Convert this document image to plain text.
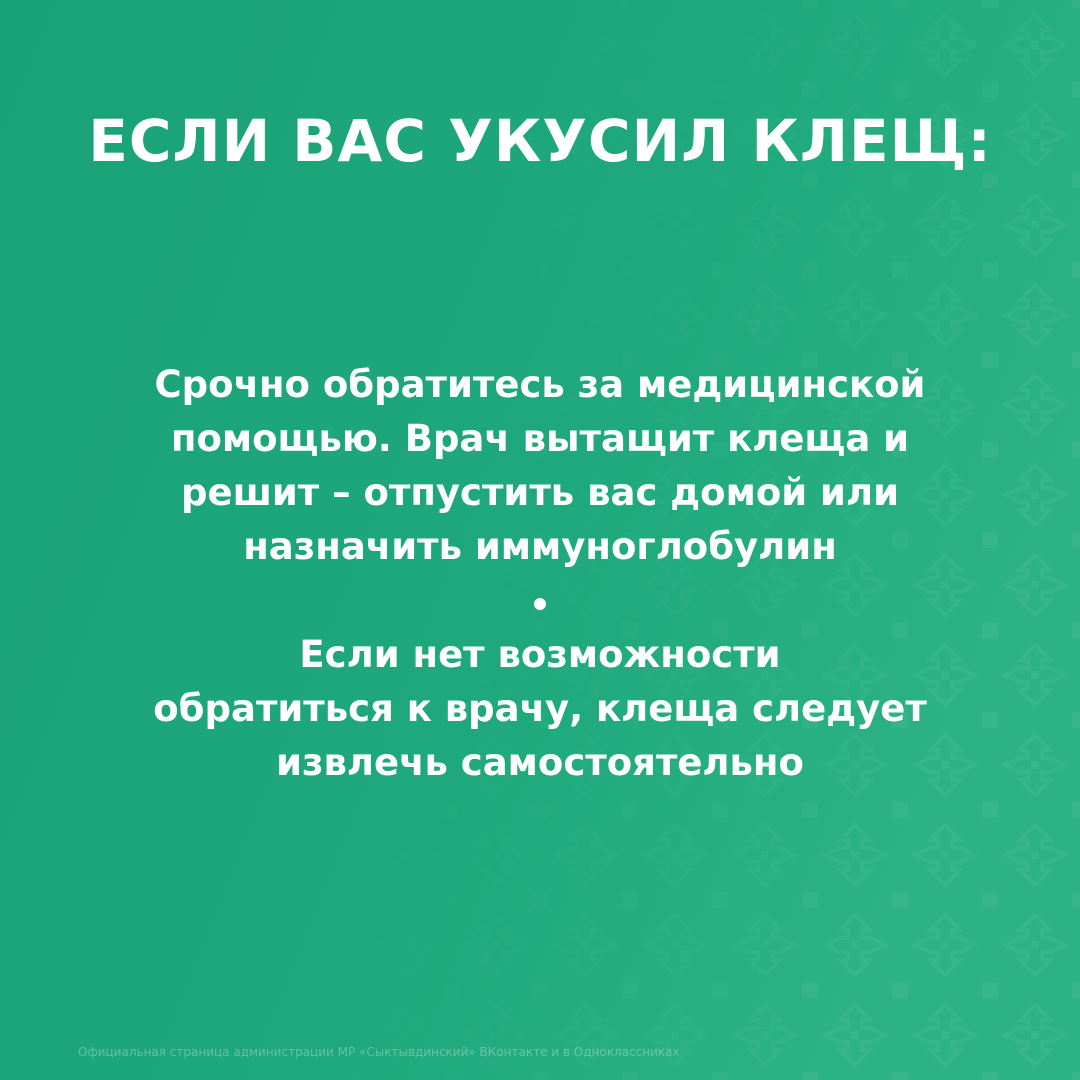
ЕСЛИ ВАС УКУСИЛ КЛЕЩ:
Срочно обратитесь за медицинской
помощью. Врач вытащит клеща и
решит – отпустить вас домой или
назначить иммуноглобулин
Если нет возможности
обратиться к врачу, клеща следует
извлечь самостоятельно
Официальная страница администрации МР «Сыктывдинский» ВКонтакте и в Одноклассниках
